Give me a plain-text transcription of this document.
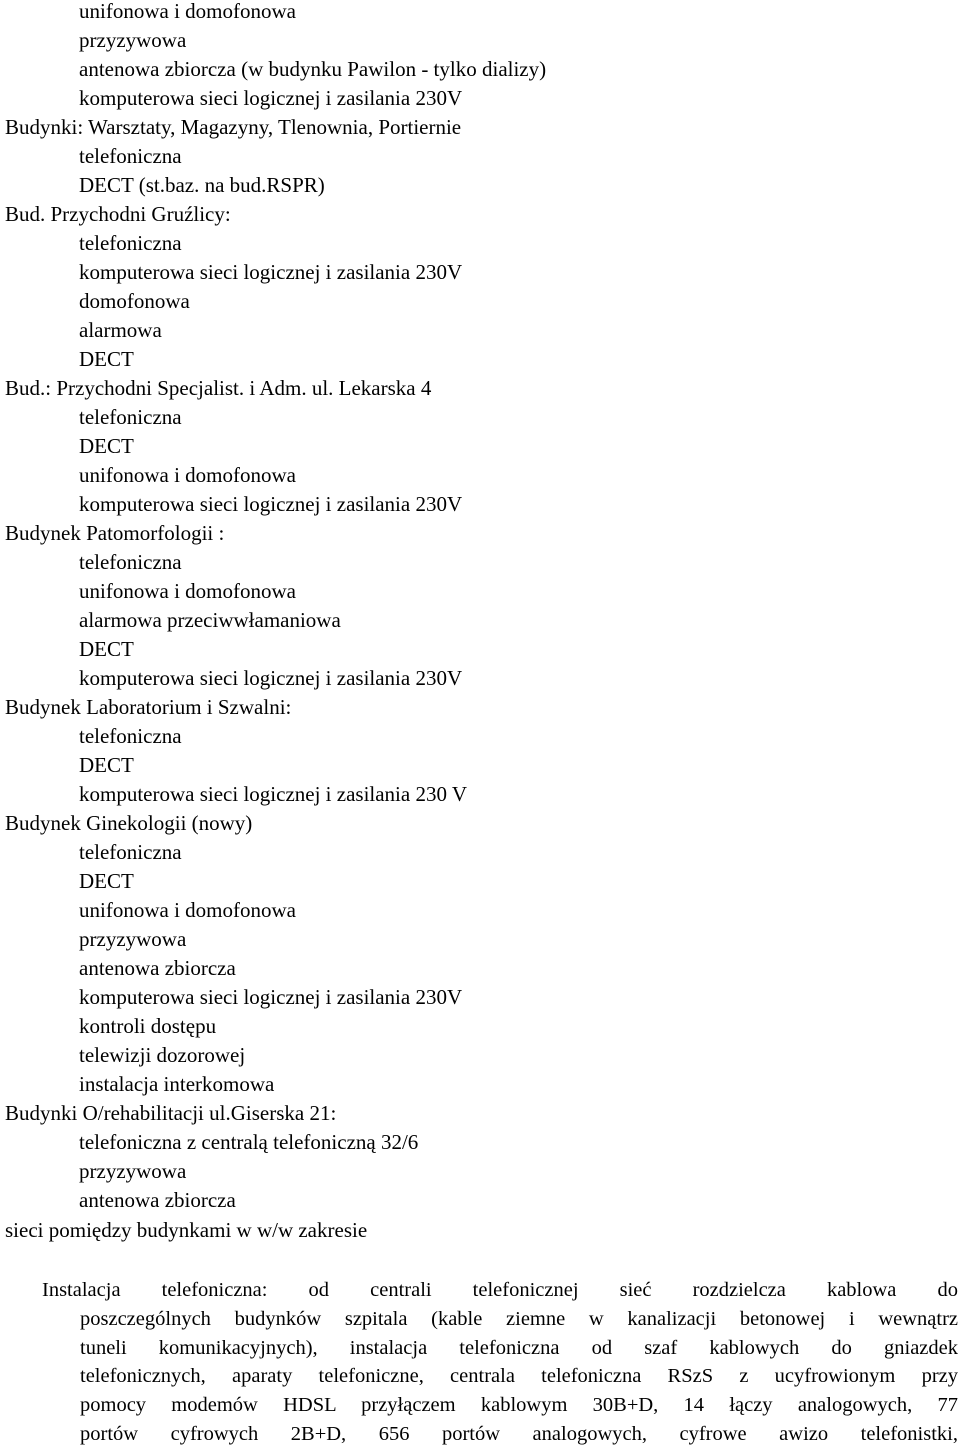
unifonowa i domofonowa
przyzywowa
antenowa zbiorcza (w budynku Pawilon - tylko dializy)
komputerowa sieci logicznej i zasilania 230V
Budynki: Warsztaty, Magazyny, Tlenownia, Portiernie
telefoniczna
DECT (st.baz. na bud.RSPR)
Bud. Przychodni Gruźlicy:
telefoniczna
komputerowa sieci logicznej i zasilania 230V
domofonowa
alarmowa
DECT
Bud.: Przychodni Specjalist. i Adm. ul. Lekarska 4
telefoniczna
DECT
unifonowa i domofonowa
komputerowa sieci logicznej i zasilania 230V
Budynek Patomorfologii :
telefoniczna
unifonowa i domofonowa
alarmowa przeciwwłamaniowa
DECT
komputerowa sieci logicznej i zasilania 230V
Budynek Laboratorium i Szwalni:
telefoniczna
DECT
komputerowa sieci logicznej i zasilania 230 V
Budynek Ginekologii (nowy)
telefoniczna
DECT
unifonowa i domofonowa
przyzywowa
antenowa zbiorcza
komputerowa sieci logicznej i zasilania 230V
kontroli dostępu
telewizji dozorowej
instalacja interkomowa
Budynki O/rehabilitacji ul.Giserska 21:
telefoniczna z centralą telefoniczną 32/6
przyzywowa
antenowa zbiorcza
sieci pomiędzy budynkami w w/w zakresie
Instalacja telefoniczna: od centrali telefonicznej sieć rozdzielcza kablowa do
poszczególnych budynków szpitala (kable ziemne w kanalizacji betonowej i wewnątrz
tuneli komunikacyjnych), instalacja telefoniczna od szaf kablowych do gniazdek
telefonicznych, aparaty telefoniczne, centrala telefoniczna RSzS z ucyfrowionym przy
pomocy modemów HDSL przyłączem kablowym 30B+D, 14 łączy analogowych, 77
portów cyfrowych 2B+D, 656 portów analogowych, cyfrowe awizo telefonistki,
